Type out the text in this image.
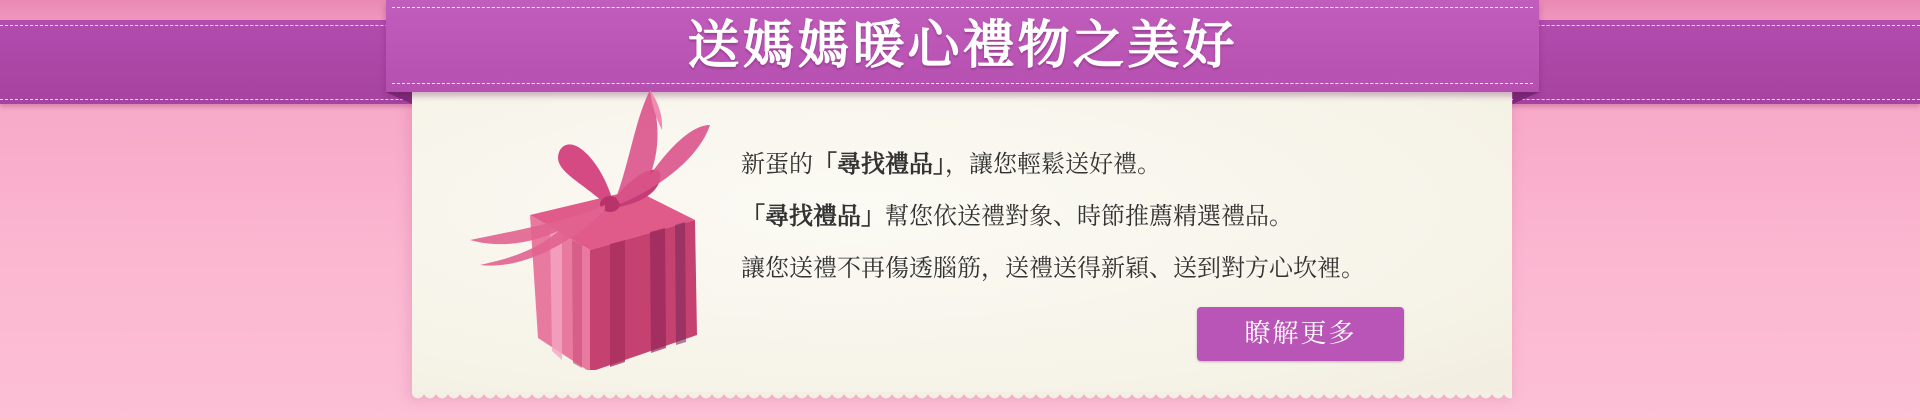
送媽媽暖心禮物之美好

新蛋的「尋找禮品」，讓您輕鬆送好禮。

「尋找禮品」幫您依送禮對象、時節推薦精選禮品。

讓您送禮不再傷透腦筋，送禮送得新穎、送到對方心坎裡。

瞭解更多
